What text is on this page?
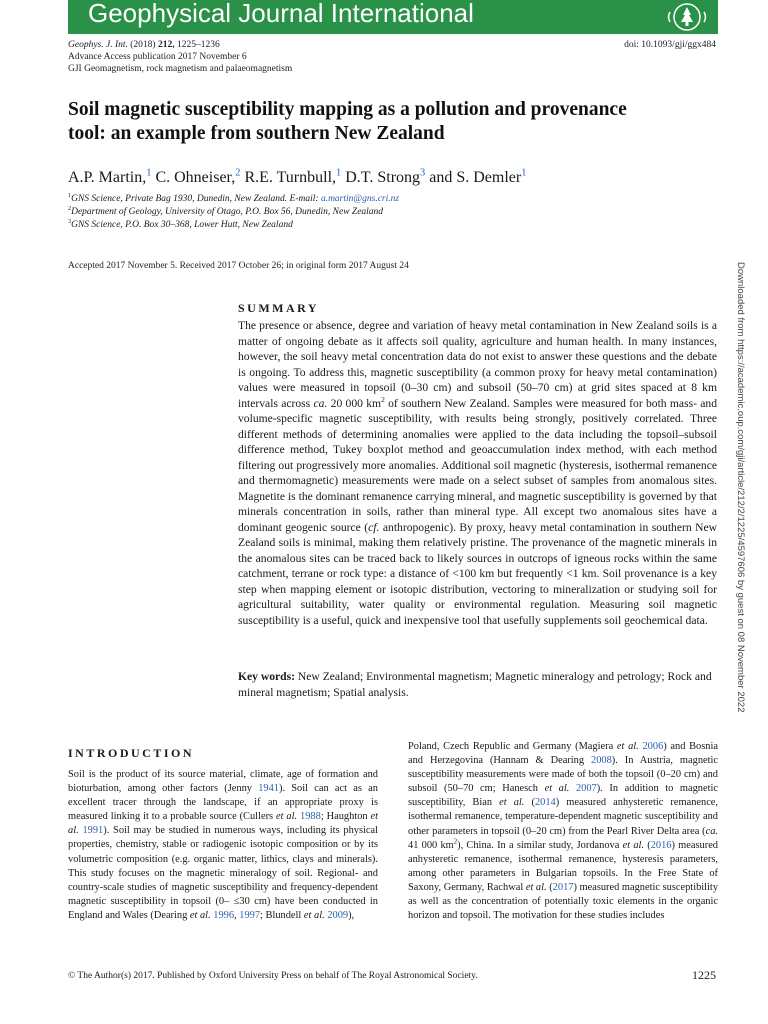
Geophysical Journal International
Geophys. J. Int. (2018) 212, 1225–1236	doi: 10.1093/gji/ggx484
Advance Access publication 2017 November 6
GJI Geomagnetism, rock magnetism and palaeomagnetism
Soil magnetic susceptibility mapping as a pollution and provenance
tool: an example from southern New Zealand
A.P. Martin,$^1$ C. Ohneiser,$^2$ R.E. Turnbull,$^1$ D.T. Strong$^3$ and S. Demler$^1$
$^1$GNS Science, Private Bag 1930, Dunedin, New Zealand. E-mail: a.martin@gns.cri.nz
$^2$Department of Geology, University of Otago, P.O. Box 56, Dunedin, New Zealand
$^3$GNS Science, P.O. Box 30–368, Lower Hutt, New Zealand
Accepted 2017 November 5. Received 2017 October 26; in original form 2017 August 24
SUMMARY
The presence or absence, degree and variation of heavy metal contamination in New Zealand soils is a matter of ongoing debate as it affects soil quality, agriculture and human health. In many instances, however, the soil heavy metal concentration data do not exist to answer these questions and the debate is ongoing. To address this, magnetic susceptibility (a common proxy for heavy metal contamination) values were measured in topsoil (0–30 cm) and subsoil (50–70 cm) at grid sites spaced at 8 km intervals across ca. 20 000 $km^2$ of southern New Zealand. Samples were measured for both mass- and volume-specific magnetic susceptibility, with results being strongly, positively correlated. Three different methods of determining anomalies were applied to the data including the topsoil–subsoil difference method, Tukey boxplot method and geoaccumulation index method, with each method filtering out progressively more anomalies. Additional soil magnetic (hysteresis, isothermal remanence and thermomagnetic) measurements were made on a select subset of samples from anomalous sites. Magnetite is the dominant remanence carrying mineral, and magnetic susceptibility is governed by that minerals concentration in soils, rather than mineral type. All except two anomalous sites have a dominant geogenic source (cf. anthropogenic). By proxy, heavy metal contamination in southern New Zealand soils is minimal, making them relatively pristine. The provenance of the magnetic minerals in the anomalous sites can be traced back to likely sources in outcrops of igneous rocks within the same catchment, terrane or rock type: a distance of <100 km but frequently <1 km. Soil provenance is a key step when mapping element or isotopic distribution, vectoring to mineralization or studying soil for agricultural suitability, water quality or environmental regulation. Measuring soil magnetic susceptibility is a useful, quick and inexpensive tool that usefully supplements soil geochemical data.
Key words: New Zealand; Environmental magnetism; Magnetic mineralogy and petrology; Rock and mineral magnetism; Spatial analysis.
INTRODUCTION
Soil is the product of its source material, climate, age of formation and bioturbation, among other factors (Jenny 1941). Soil can act as an excellent tracer through the landscape, if an appropriate proxy is measured linking it to a probable source (Cullers et al. 1988; Haughton et al. 1991). Soil may be studied in numerous ways, including its physical properties, chemistry, stable or radiogenic isotopic composition or by its volumetric composition (e.g. organic matter, lithics, clays and minerals). This study focuses on the magnetic mineralogy of soil. Regional- and country-scale studies of magnetic susceptibility and frequency-dependent magnetic susceptibility in topsoil (0– ≤30 cm) have been conducted in England and Wales (Dearing et al. 1996, 1997; Blundell et al. 2009),
Poland, Czech Republic and Germany (Magiera et al. 2006) and Bosnia and Herzegovina (Hannam & Dearing 2008). In Austria, magnetic susceptibility measurements were made of both the topsoil (0–20 cm) and subsoil (50–70 cm; Hanesch et al. 2007). In addition to magnetic susceptibility, Bian et al. (2014) measured anhysteretic remanence, isothermal remanence, temperature-dependent magnetic susceptibility and other parameters in topsoil (0–20 cm) from the Pearl River Delta area (ca. 41 000 $km^2$), China. In a similar study, Jordanova et al. (2016) measured anhysteretic remanence, isothermal remanence, hysteresis parameters, among other parameters in Bulgarian topsoils. In the Free State of Saxony, Germany, Rachwal et al. (2017) measured magnetic susceptibility as well as the concentration of potentially toxic elements in the organic horizon and topsoil. The motivation for these studies includes
Downloaded from https://academic.oup.com/gji/article/212/2/1225/4597606 by guest on 08 November 2022
© The Author(s) 2017. Published by Oxford University Press on behalf of The Royal Astronomical Society.	1225
